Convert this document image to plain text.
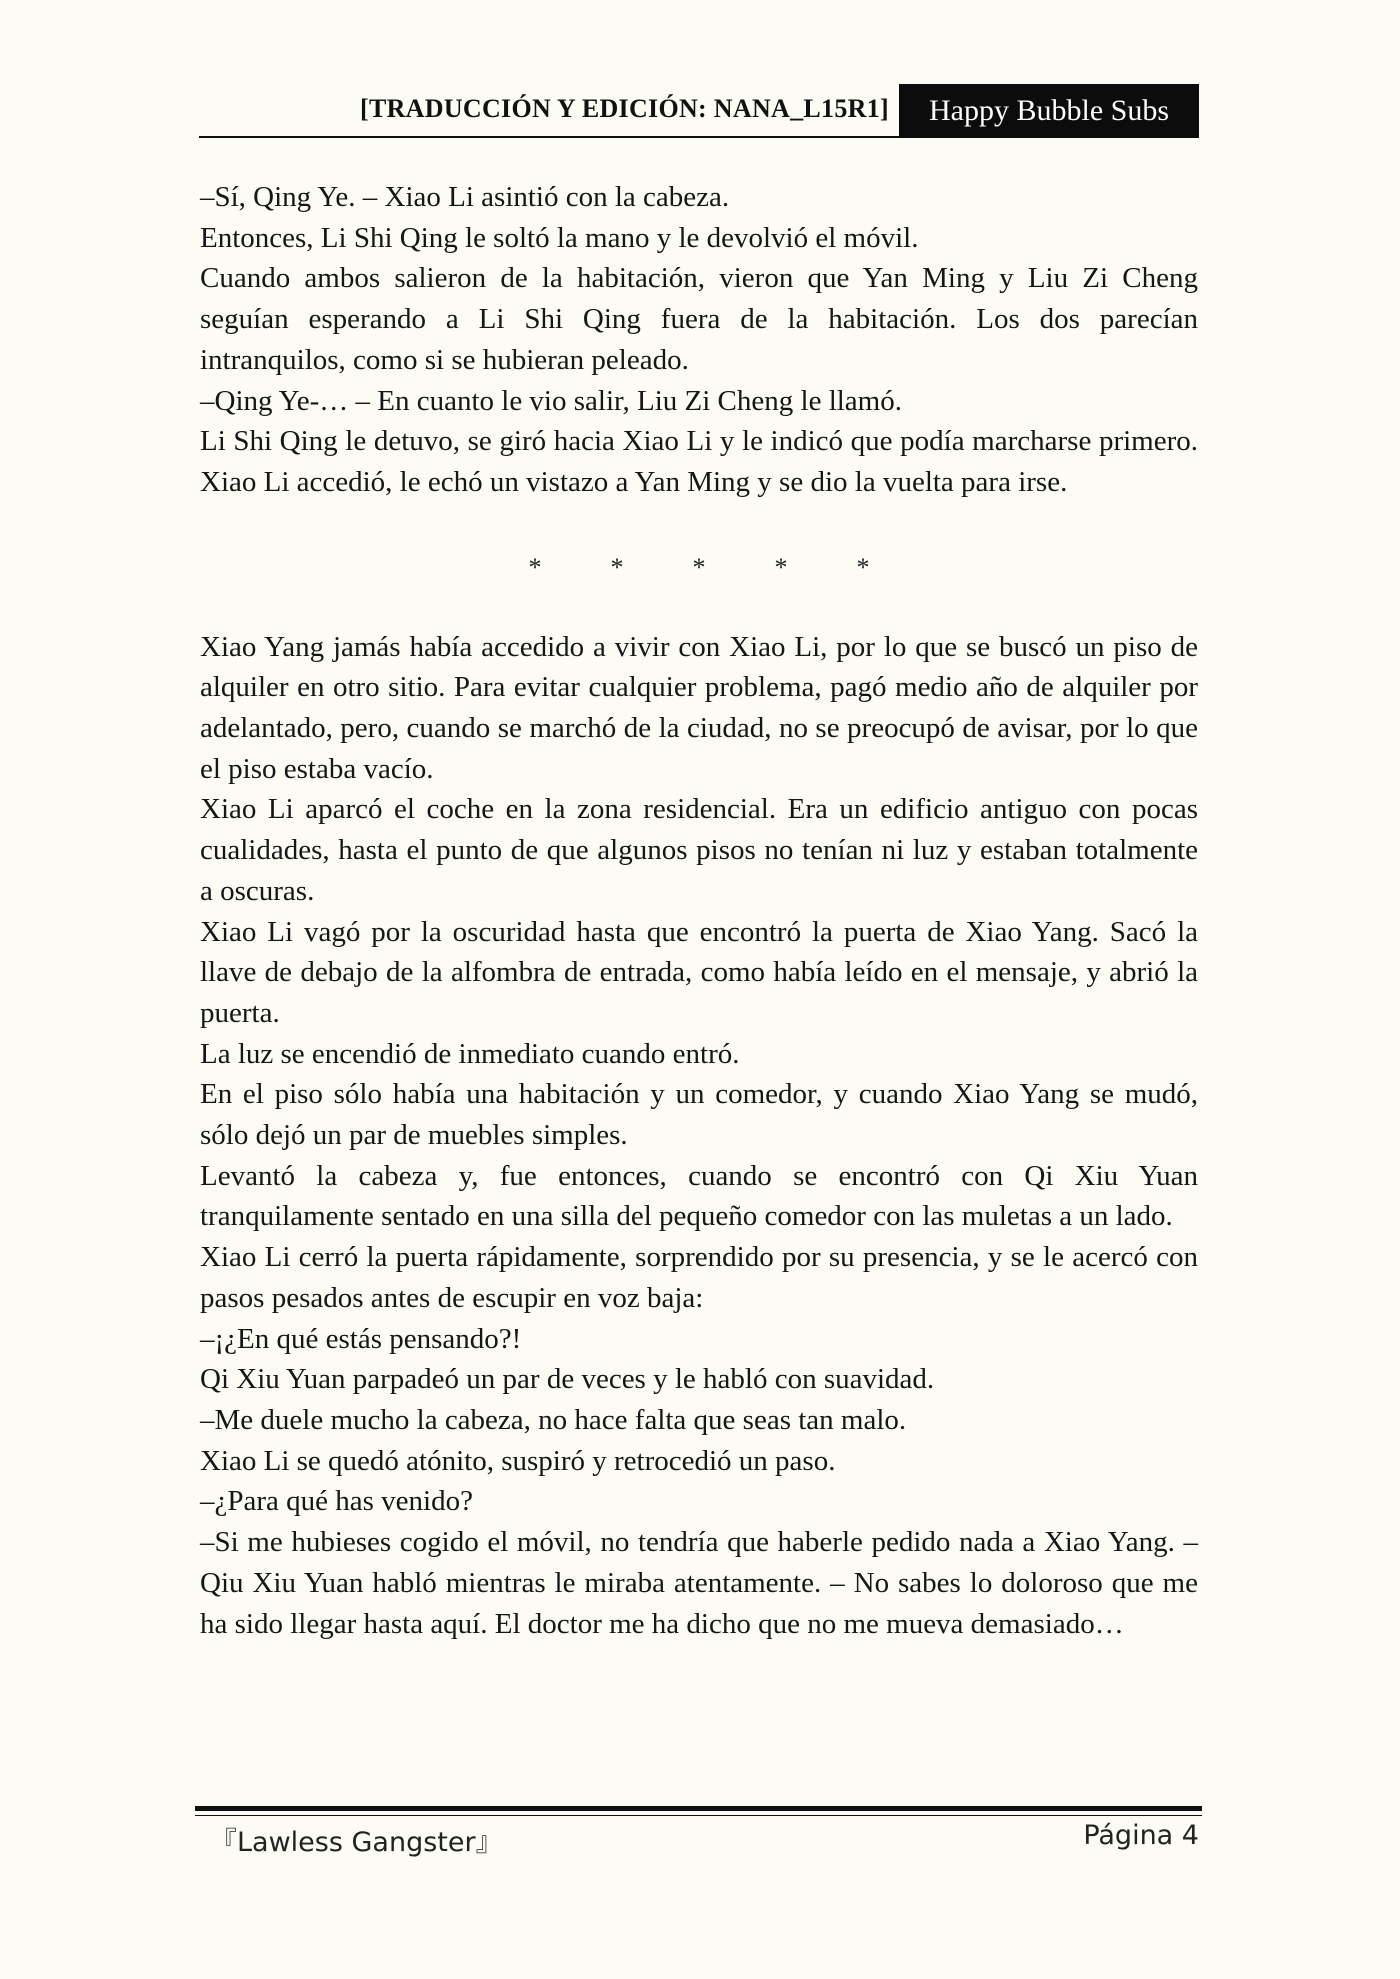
[TRADUCCIÓN Y EDICIÓN: NANA_L15R1]	Happy Bubble Subs

–Sí, Qing Ye. – Xiao Li asintió con la cabeza.

Entonces, Li Shi Qing le soltó la mano y le devolvió el móvil.

Cuando ambos salieron de la habitación, vieron que Yan Ming y Liu Zi Cheng seguían esperando a Li Shi Qing fuera de la habitación. Los dos parecían intranquilos, como si se hubieran peleado.

–Qing Ye-… – En cuanto le vio salir, Liu Zi Cheng le llamó.

Li Shi Qing le detuvo, se giró hacia Xiao Li y le indicó que podía marcharse primero. Xiao Li accedió, le echó un vistazo a Yan Ming y se dio la vuelta para irse.

*	*	*	*	*

Xiao Yang jamás había accedido a vivir con Xiao Li, por lo que se buscó un piso de alquiler en otro sitio. Para evitar cualquier problema, pagó medio año de alquiler por adelantado, pero, cuando se marchó de la ciudad, no se preocupó de avisar, por lo que el piso estaba vacío.

Xiao Li aparcó el coche en la zona residencial. Era un edificio antiguo con pocas cualidades, hasta el punto de que algunos pisos no tenían ni luz y estaban totalmente a oscuras.

Xiao Li vagó por la oscuridad hasta que encontró la puerta de Xiao Yang. Sacó la llave de debajo de la alfombra de entrada, como había leído en el mensaje, y abrió la puerta.

La luz se encendió de inmediato cuando entró.

En el piso sólo había una habitación y un comedor, y cuando Xiao Yang se mudó, sólo dejó un par de muebles simples.

Levantó la cabeza y, fue entonces, cuando se encontró con Qi Xiu Yuan tranquilamente sentado en una silla del pequeño comedor con las muletas a un lado.

Xiao Li cerró la puerta rápidamente, sorprendido por su presencia, y se le acercó con pasos pesados antes de escupir en voz baja:

–¡¿En qué estás pensando?!

Qi Xiu Yuan parpadeó un par de veces y le habló con suavidad.

–Me duele mucho la cabeza, no hace falta que seas tan malo.

Xiao Li se quedó atónito, suspiró y retrocedió un paso.

–¿Para qué has venido?

–Si me hubieses cogido el móvil, no tendría que haberle pedido nada a Xiao Yang. – Qiu Xiu Yuan habló mientras le miraba atentamente. – No sabes lo doloroso que me ha sido llegar hasta aquí. El doctor me ha dicho que no me mueva demasiado…

『Lawless Gangster』	Página 4
